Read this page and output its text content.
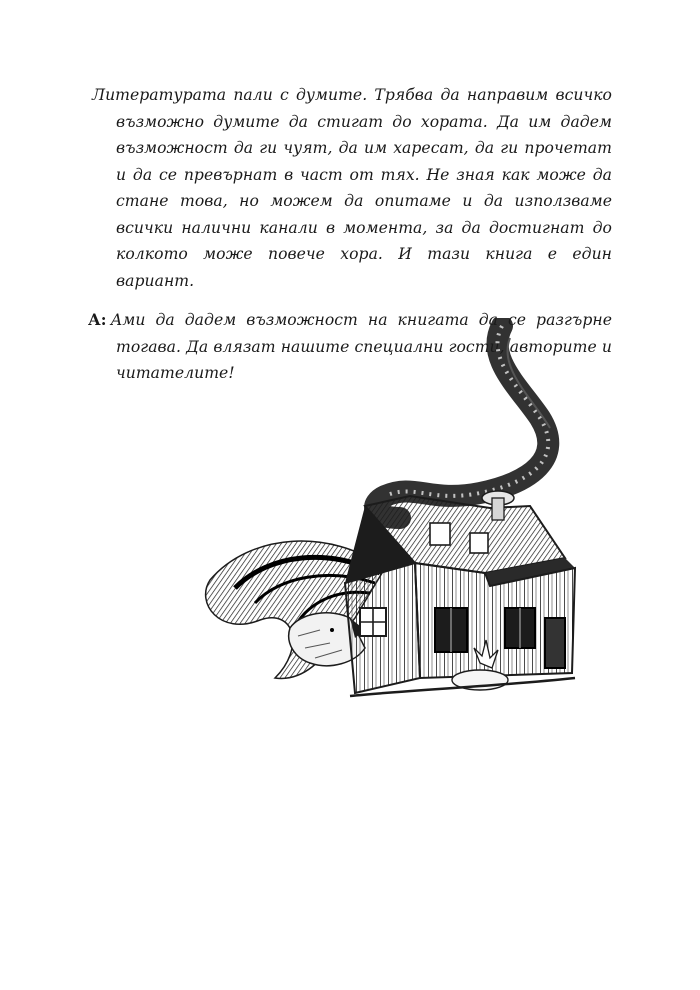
Литературата пали с думите. Трябва да направим всичко възможно думите да стигат до хората. Да им дадем възможност да ги чуят, да им харесат, да ги прочетат и да се превърнат в част от тях. Не зная как може да стане това, но можем да опитаме и да използваме всички налични канали в момента, за да достигнат до колкото може повече хора. И тази книга е един вариант.

А: Ами да дадем възможност на книгата да се разгърне тогава. Да влязат нашите специални гости, авторите и читателите!
